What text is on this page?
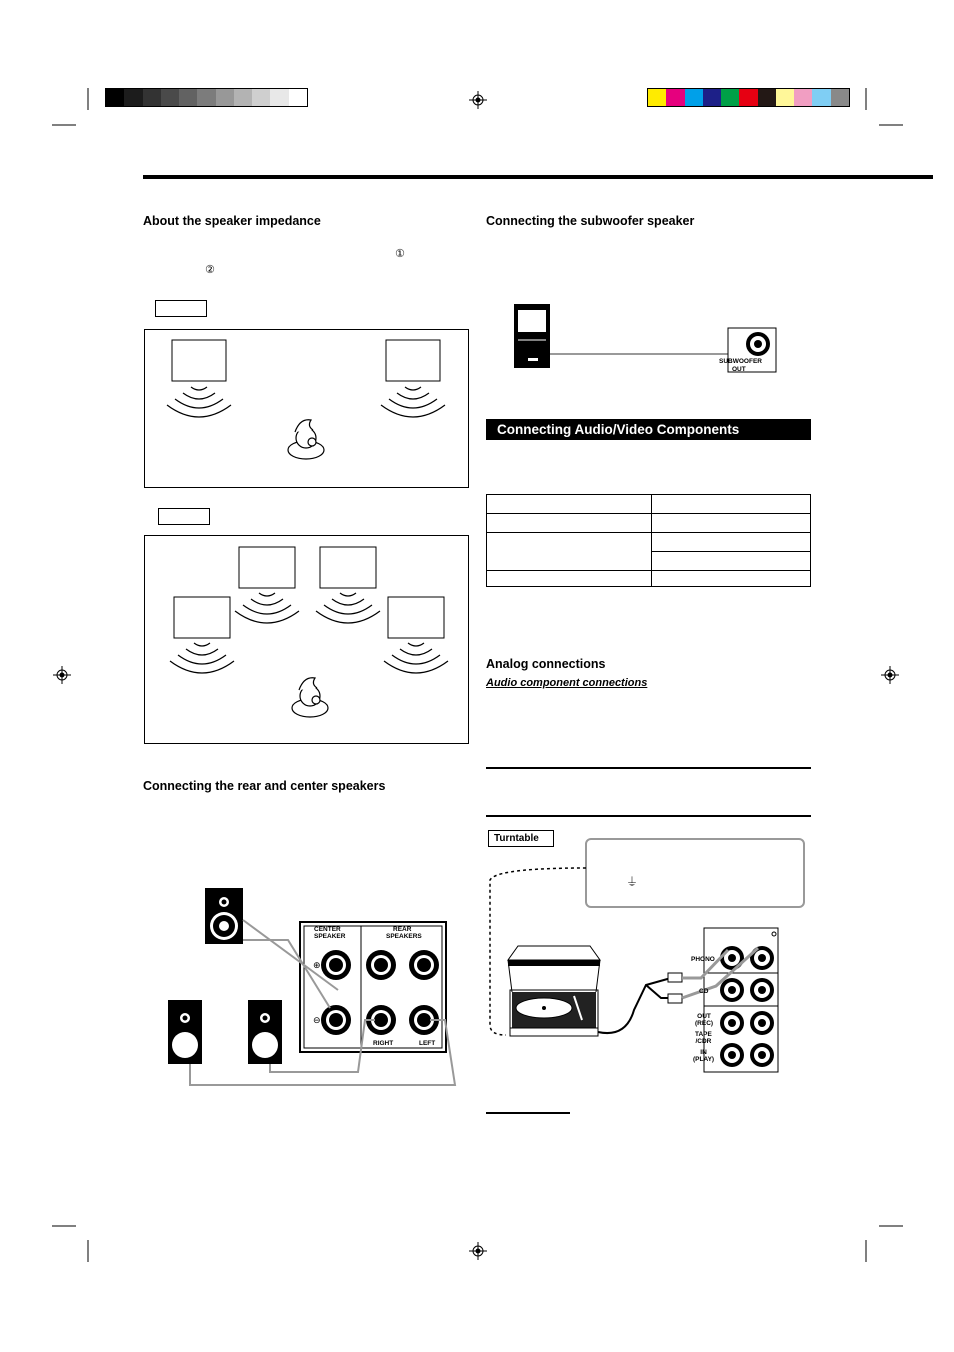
About the speaker impedance
①
②
Connecting the rear and center speakers
⊕
⊖
CENTER
SPEAKER
REAR
SPEAKERS
RIGHT	LEFT
Connecting the subwoofer speaker
SUBWOOFER
OUT
Connecting Audio/Video Components

Analog connections
Audio component connections
Turntable
⏚
PHONO
CD
OUT
(REC)
TAPE
/CDR
IN
(PLAY)
